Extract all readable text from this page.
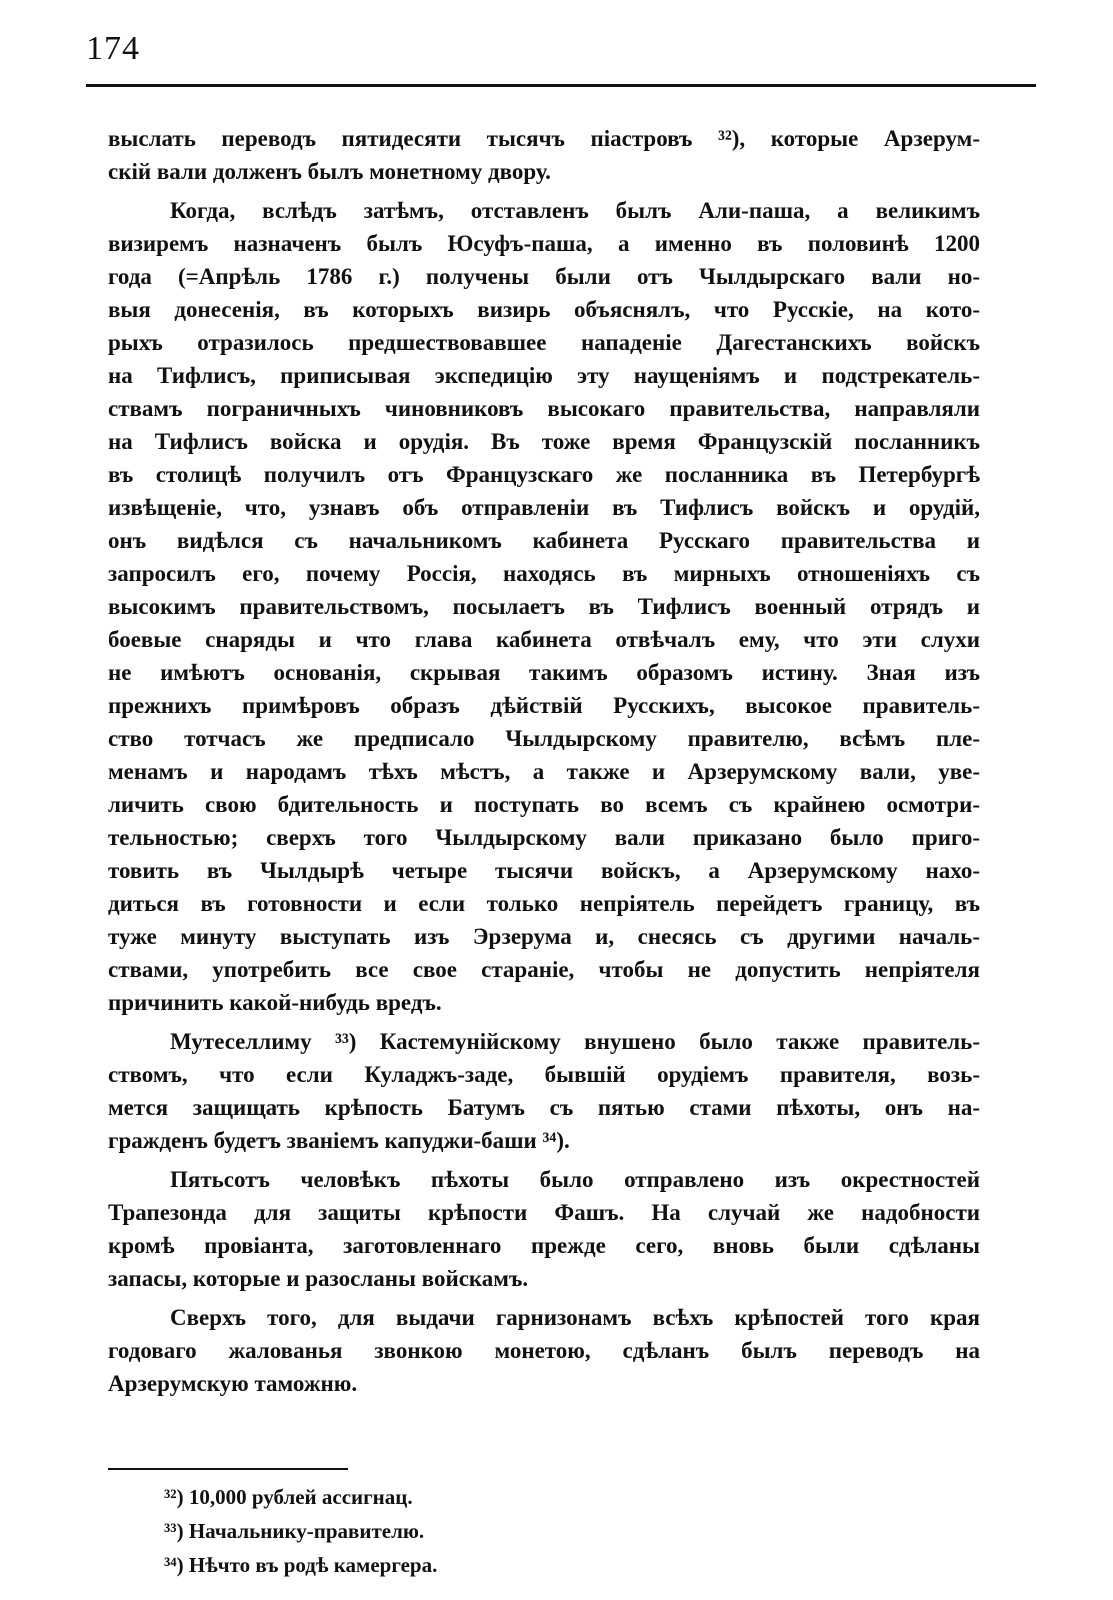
174
выслать переводъ пятидесяти тысячъ піастровъ ³²), которые Арзерум-
скій вали долженъ былъ монетному двору.
Когда, вслѣдъ затѣмъ, отставленъ былъ Али-паша, а великимъ
визиремъ назначенъ былъ Юсуфъ-паша, а именно въ половинѣ 1200
года (=Апрѣль 1786 г.) получены были отъ Чылдырскаго вали но-
выя донесенія, въ которыхъ визирь объяснялъ, что Русскіе, на кото-
рыхъ отразилось предшествовавшее нападеніе Дагестанскихъ войскъ
на Тифлисъ, приписывая экспедицію эту наущеніямъ и подстрекатель-
ствамъ пограничныхъ чиновниковъ высокаго правительства, направляли
на Тифлисъ войска и орудія. Въ тоже время Французскій посланникъ
въ столицѣ получилъ отъ Французскаго же посланника въ Петербургѣ
извѣщеніе, что, узнавъ объ отправленіи въ Тифлисъ войскъ и орудій,
онъ видѣлся съ начальникомъ кабинета Русскаго правительства и
запросилъ его, почему Россія, находясь въ мирныхъ отношеніяхъ съ
высокимъ правительствомъ, посылаетъ въ Тифлисъ военный отрядъ и
боевые снаряды и что глава кабинета отвѣчалъ ему, что эти слухи
не имѣютъ основанія, скрывая такимъ образомъ истину. Зная изъ
прежнихъ примѣровъ образъ дѣйствій Русскихъ, высокое правитель-
ство тотчасъ же предписало Чылдырскому правителю, всѣмъ пле-
менамъ и народамъ тѣхъ мѣстъ, а также и Арзерумскому вали, уве-
личить свою бдительность и поступать во всемъ съ крайнею осмотри-
тельностью; сверхъ того Чылдырскому вали приказано было приго-
товить въ Чылдырѣ четыре тысячи войскъ, а Арзерумскому нахо-
диться въ готовности и если только непріятель перейдетъ границу, въ
туже минуту выступать изъ Эрзерума и, снесясь съ другими началь-
ствами, употребить все свое стараніе, чтобы не допустить непріятеля
причинить какой-нибудь вредъ.
Мутеселлиму ³³) Кастемунійскому внушено было также правитель-
ствомъ, что если Куладжъ-заде, бывшій орудіемъ правителя, возь-
мется защищать крѣпость Батумъ съ пятью стами пѣхоты, онъ на-
гражденъ будетъ званіемъ капуджи-баши ³⁴).
Пятьсотъ человѣкъ пѣхоты было отправлено изъ окрестностей
Трапезонда для защиты крѣпости Фашъ. На случай же надобности
кромѣ провіанта, заготовленнаго прежде сего, вновь были сдѣланы
запасы, которые и разосланы войскамъ.
Сверхъ того, для выдачи гарнизонамъ всѣхъ крѣпостей того края
годоваго жалованья звонкою монетою, сдѣланъ былъ переводъ на
Арзерумскую таможню.
³²) 10,000 рублей ассигнац.
³³) Начальнику-правителю.
³⁴) Нѣчто въ родѣ камергера.
